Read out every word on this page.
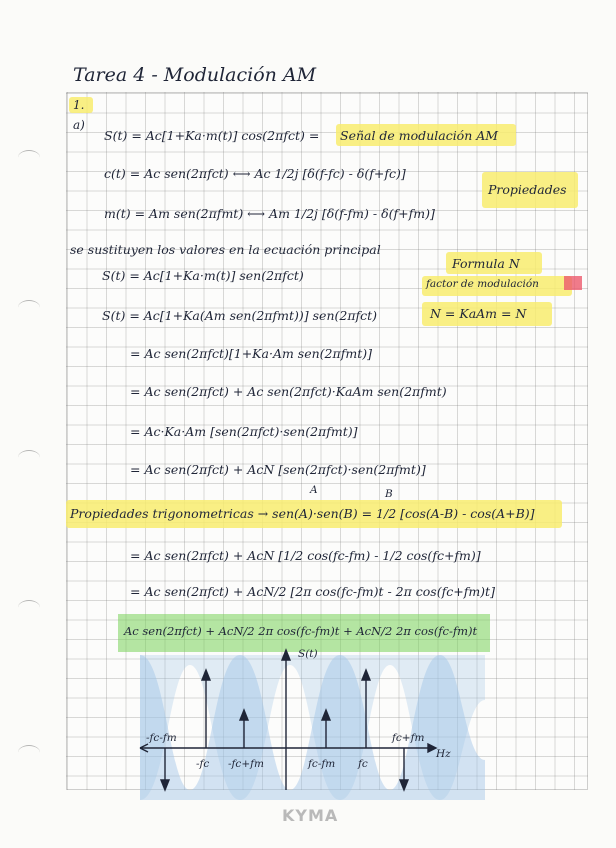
Tarea 4 - Modulación AM
1.
a)
S(t) = Ac[1+Ka·m(t)] cos(2πfct) = Señal de modulación AM
c(t) = Ac sen(2πfct) ⟷ Ac 1/2j [δ(f-fc) - δ(f+fc)]
m(t) = Am sen(2πfmt) ⟷ Am 1/2j [δ(f-fm) - δ(f+fm)]
Propiedades
se sustituyen los valores en la ecuación principal
S(t) = Ac[1+Ka·m(t)] sen(2πfct)
Formula N
factor de modulación
N = KaAm = N
S(t) = Ac[1+Ka(Am sen(2πfmt))] sen(2πfct)
= Ac sen(2πfct)[1+Ka·Am sen(2πfmt)]
= Ac sen(2πfct) + Ac sen(2πfct)·KaAm sen(2πfmt)
= Ac·Ka·Am [sen(2πfct)·sen(2πfmt)]
= Ac sen(2πfct) + AcN [sen(2πfct)·sen(2πfmt)]
A	B
Propiedades trigonometricas → sen(A)·sen(B) = 1/2 [cos(A-B) - cos(A+B)]
= Ac sen(2πfct) + AcN [1/2 cos(fc-fm) - 1/2 cos(fc+fm)]
= Ac sen(2πfct) + AcN/2 [2π cos(fc-fm)t - 2π cos(fc+fm)t]
Ac sen(2πfct) + AcN/2 2π cos(fc-fm)t + AcN/2 2π cos(fc-fm)t
S(t)
Hz
-fc-fm
-fc -fc+fm	fc-fm fc
fc+fm
KYMA
